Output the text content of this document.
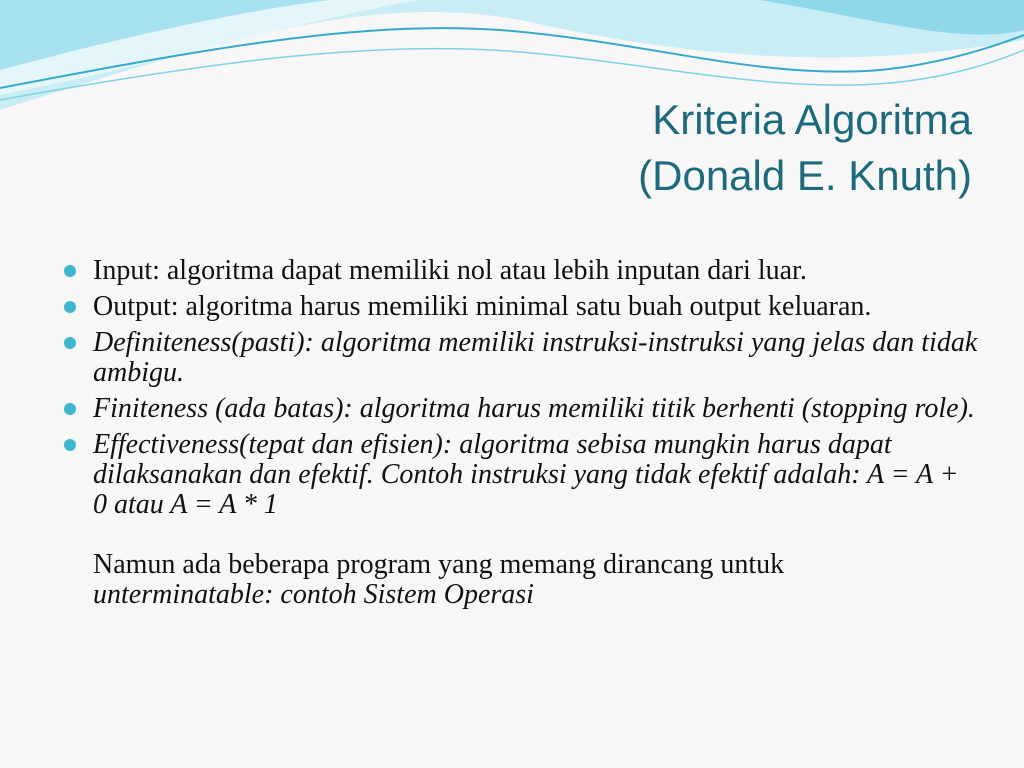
Kriteria Algoritma
(Donald E. Knuth)
Input: algoritma dapat memiliki nol atau lebih inputan dari luar.
Output: algoritma harus memiliki minimal satu buah output keluaran.
Definiteness(pasti): algoritma memiliki instruksi-instruksi yang jelas dan tidak ambigu.
Finiteness (ada batas): algoritma harus memiliki titik berhenti (stopping role).
Effectiveness(tepat dan efisien): algoritma sebisa mungkin harus dapat dilaksanakan dan efektif. Contoh instruksi yang tidak efektif adalah: A = A + 0 atau A = A * 1
Namun ada beberapa program yang memang dirancang untuk
unterminatable: contoh Sistem Operasi
